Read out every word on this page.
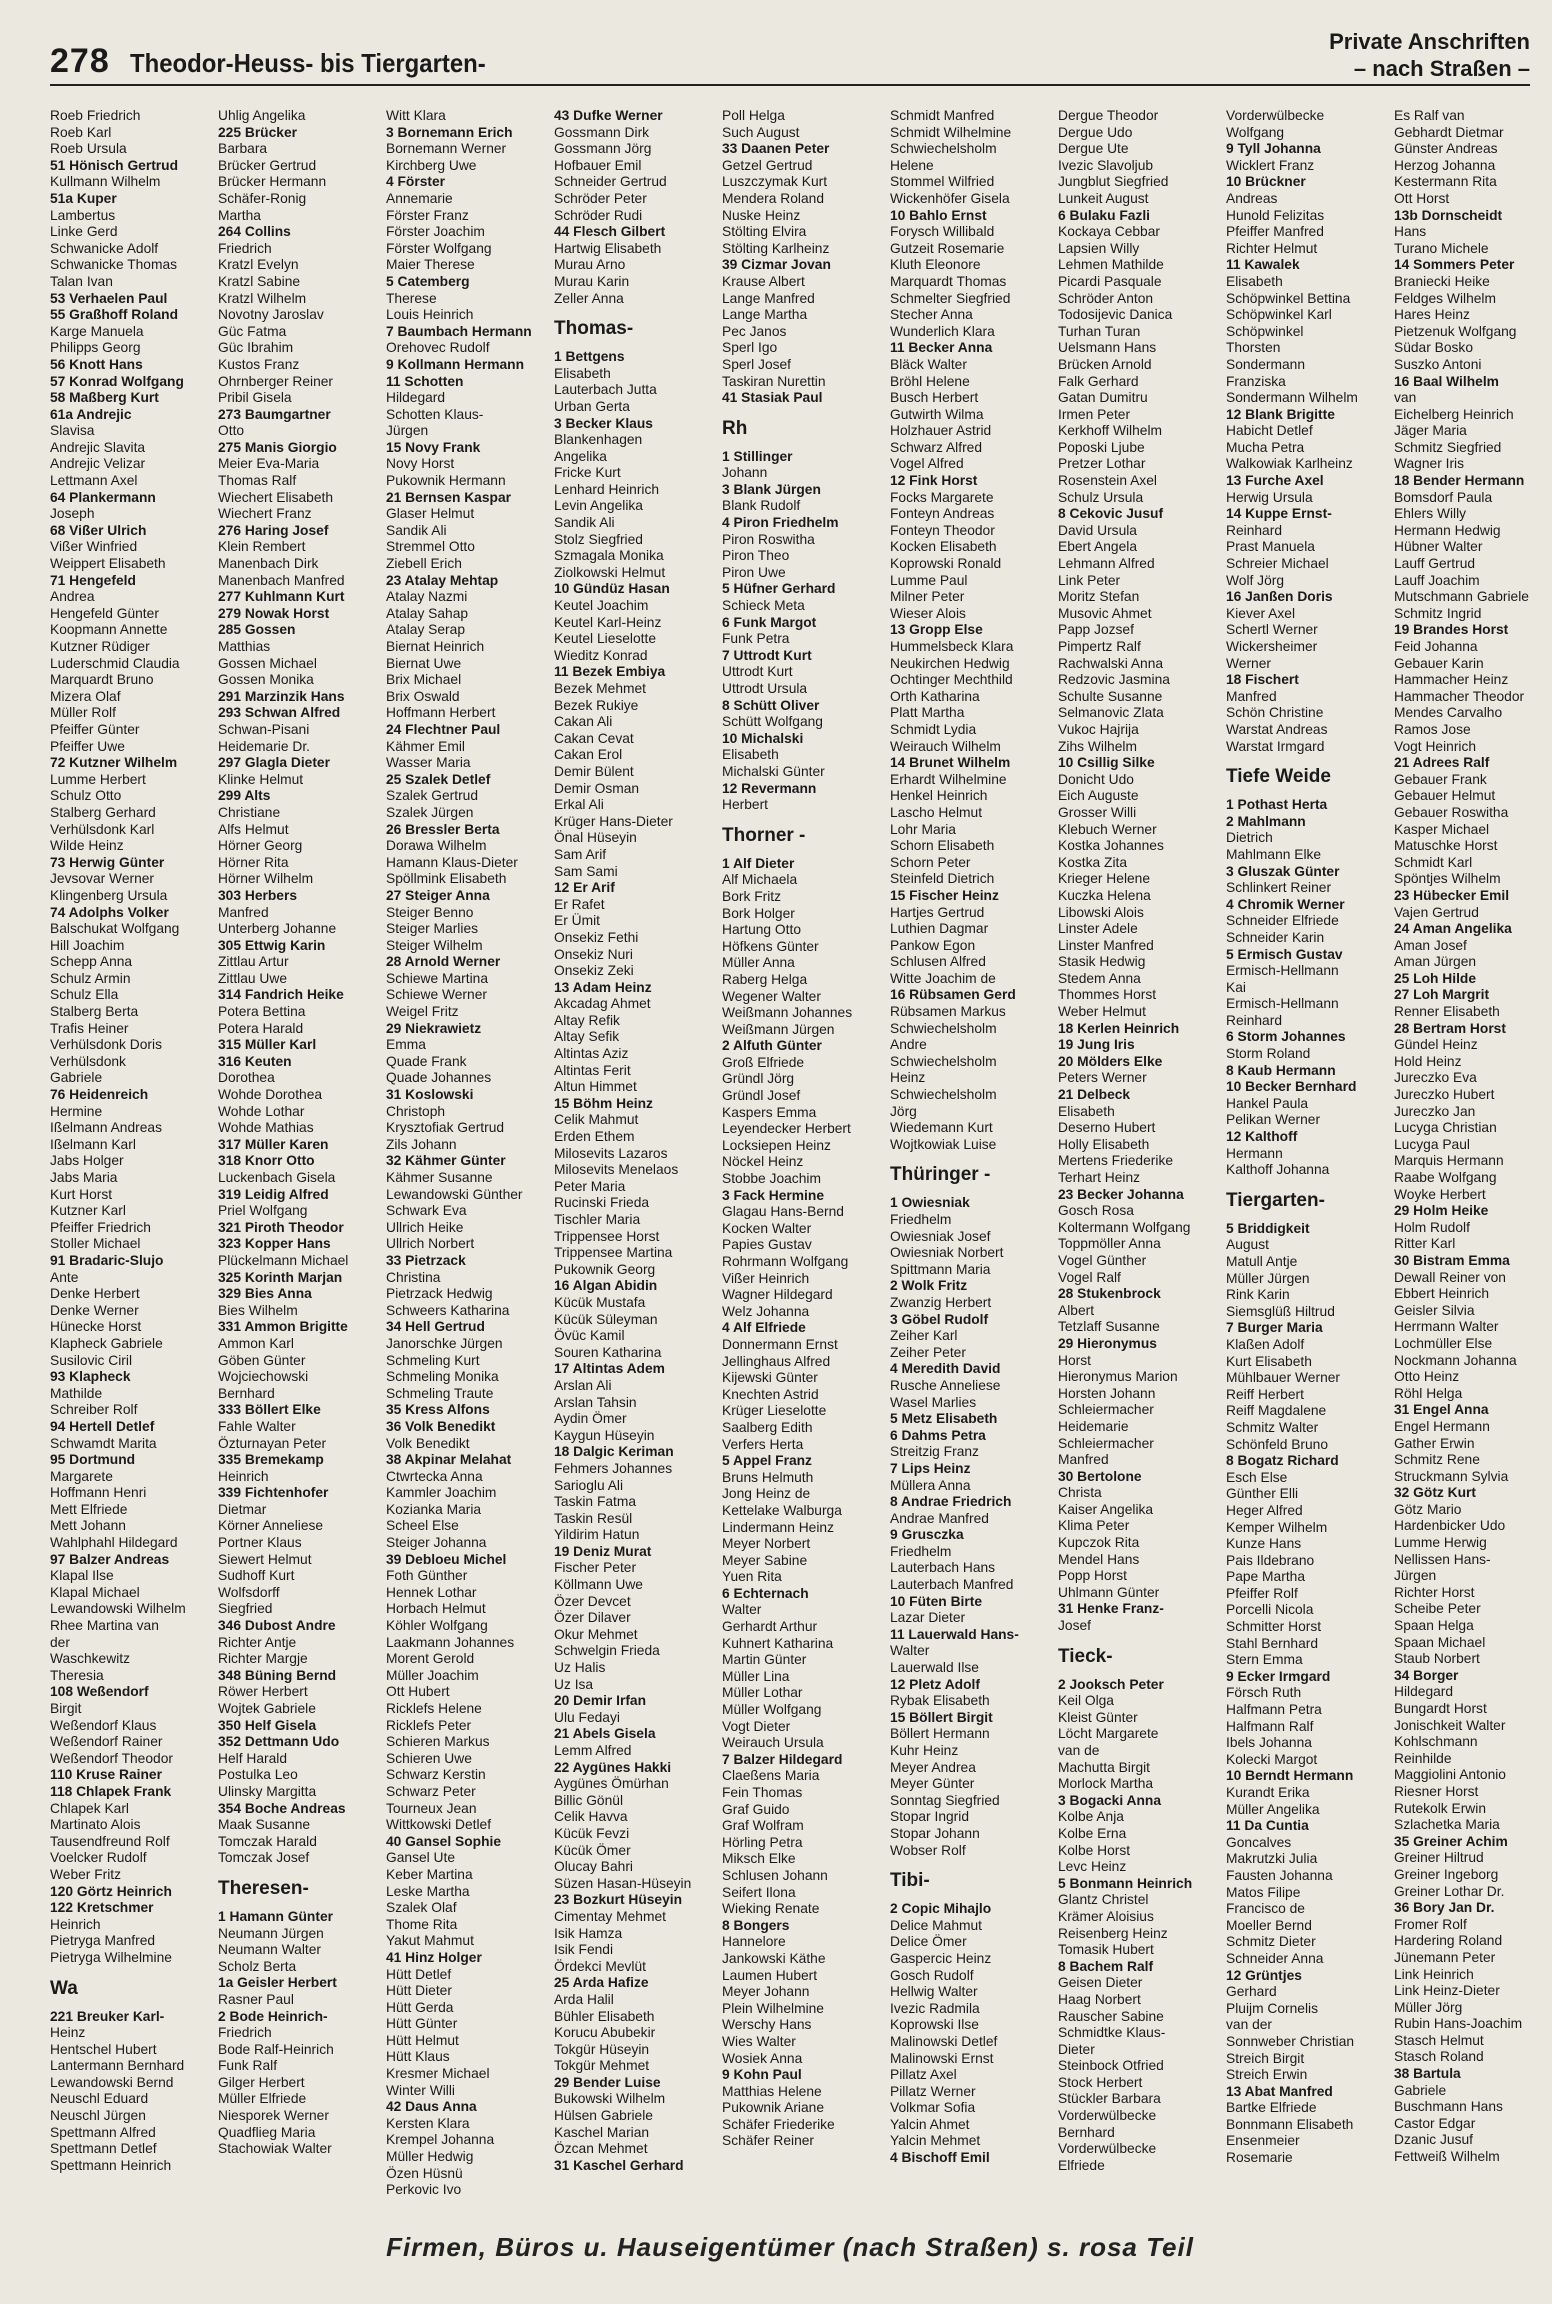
278 Theodor-Heuss- bis Tiergarten-
Private Anschriften
– nach Straßen –
Roeb Friedrich
Roeb Karl
Roeb Ursula
51 Hönisch Gertrud
Kullmann Wilhelm
51a Kuper
Lambertus
Linke Gerd
Schwanicke Adolf
Schwanicke Thomas
Talan Ivan
53 Verhaelen Paul
55 Graßhoff Roland
Karge Manuela
Philipps Georg
56 Knott Hans
57 Konrad Wolfgang
58 Maßberg Kurt
61a Andrejic
Slavisa
Andrejic Slavita
Andrejic Velizar
Lettmann Axel
64 Plankermann
Joseph
68 Vißer Ulrich
Vißer Winfried
Weippert Elisabeth
71 Hengefeld
Andrea
Hengefeld Günter
Koopmann Annette
Kutzner Rüdiger
Luderschmid Claudia
Marquardt Bruno
Mizera Olaf
Müller Rolf
Pfeiffer Günter
Pfeiffer Uwe
72 Kutzner Wilhelm
Lumme Herbert
Schulz Otto
Stalberg Gerhard
Verhülsdonk Karl
Wilde Heinz
73 Herwig Günter
Jevsovar Werner
Klingenberg Ursula
74 Adolphs Volker
Balschukat Wolfgang
Hill Joachim
Schepp Anna
Schulz Armin
Schulz Ella
Stalberg Berta
Trafis Heiner
Verhülsdonk Doris
Verhülsdonk
Gabriele
76 Heidenreich
Hermine
Ißelmann Andreas
Ißelmann Karl
Jabs Holger
Jabs Maria
Kurt Horst
Kutzner Karl
Pfeiffer Friedrich
Stoller Michael
91 Bradaric-Slujo
Ante
Denke Herbert
Denke Werner
Hünecke Horst
Klapheck Gabriele
Susilovic Ciril
93 Klapheck
Mathilde
Schreiber Rolf
94 Hertell Detlef
Schwamdt Marita
95 Dortmund
Margarete
Hoffmann Henri
Mett Elfriede
Mett Johann
Wahlphahl Hildegard
97 Balzer Andreas
Klapal Ilse
Klapal Michael
Lewandowski Wilhelm
Rhee Martina van
der
Waschkewitz
Theresia
108 Weßendorf
Birgit
Weßendorf Klaus
Weßendorf Rainer
Weßendorf Theodor
110 Kruse Rainer
118 Chlapek Frank
Chlapek Karl
Martinato Alois
Tausendfreund Rolf
Voelcker Rudolf
Weber Fritz
120 Görtz Heinrich
122 Kretschmer
Heinrich
Pietryga Manfred
Pietryga Wilhelmine
Wa
221 Breuker Karl-
Heinz
Hentschel Hubert
Lantermann Bernhard
Lewandowski Bernd
Neuschl Eduard
Neuschl Jürgen
Spettmann Alfred
Spettmann Detlef
Spettmann Heinrich
Uhlig Angelika
225 Brücker
Barbara
Brücker Gertrud
Brücker Hermann
Schäfer-Ronig
Martha
264 Collins
Friedrich
Kratzl Evelyn
Kratzl Sabine
Kratzl Wilhelm
Novotny Jaroslav
Güc Fatma
Güc Ibrahim
Kustos Franz
Ohrnberger Reiner
Pribil Gisela
273 Baumgartner
Otto
275 Manis Giorgio
Meier Eva-Maria
Thomas Ralf
Wiechert Elisabeth
Wiechert Franz
276 Haring Josef
Klein Rembert
Manenbach Dirk
Manenbach Manfred
277 Kuhlmann Kurt
279 Nowak Horst
285 Gossen
Matthias
Gossen Michael
Gossen Monika
291 Marzinzik Hans
293 Schwan Alfred
Schwan-Pisani
Heidemarie Dr.
297 Glagla Dieter
Klinke Helmut
299 Alts
Christiane
Alfs Helmut
Hörner Georg
Hörner Rita
Hörner Wilhelm
303 Herbers
Manfred
Unterberg Johanne
305 Ettwig Karin
Zittlau Artur
Zittlau Uwe
314 Fandrich Heike
Potera Bettina
Potera Harald
315 Müller Karl
316 Keuten
Dorothea
Wohde Dorothea
Wohde Lothar
Wohde Mathias
317 Müller Karen
318 Knorr Otto
Luckenbach Gisela
319 Leidig Alfred
Priel Wolfgang
321 Piroth Theodor
323 Kopper Hans
Plückelmann Michael
325 Korinth Marjan
329 Bies Anna
Bies Wilhelm
331 Ammon Brigitte
Ammon Karl
Göben Günter
Wojciechowski
Bernhard
333 Böllert Elke
Fahle Walter
Özturnayan Peter
335 Bremekamp
Heinrich
339 Fichtenhofer
Dietmar
Körner Anneliese
Portner Klaus
Siewert Helmut
Sudhoff Kurt
Wolfsdorff
Siegfried
346 Dubost Andre
Richter Antje
Richter Margje
348 Büning Bernd
Röwer Herbert
Wojtek Gabriele
350 Helf Gisela
352 Dettmann Udo
Helf Harald
Postulka Leo
Ulinsky Margitta
354 Boche Andreas
Maak Susanne
Tomczak Harald
Tomczak Josef
Theresen-
1 Hamann Günter
Neumann Jürgen
Neumann Walter
Scholz Berta
1a Geisler Herbert
Rasner Paul
2 Bode Heinrich-
Friedrich
Bode Ralf-Heinrich
Funk Ralf
Gilger Herbert
Müller Elfriede
Niesporek Werner
Quadflieg Maria
Stachowiak Walter
Witt Klara
3 Bornemann Erich
Bornemann Werner
Kirchberg Uwe
4 Förster
Annemarie
Förster Franz
Förster Joachim
Förster Wolfgang
Maier Therese
5 Catemberg
Therese
Louis Heinrich
7 Baumbach Hermann
Orehovec Rudolf
9 Kollmann Hermann
11 Schotten
Hildegard
Schotten Klaus-
Jürgen
15 Novy Frank
Novy Horst
Pukownik Hermann
21 Bernsen Kaspar
Glaser Helmut
Sandik Ali
Stremmel Otto
Ziebell Erich
23 Atalay Mehtap
Atalay Nazmi
Atalay Sahap
Atalay Serap
Biernat Heinrich
Biernat Uwe
Brix Michael
Brix Oswald
Hoffmann Herbert
24 Flechtner Paul
Kähmer Emil
Wasser Maria
25 Szalek Detlef
Szalek Gertrud
Szalek Jürgen
26 Bressler Berta
Dorawa Wilhelm
Hamann Klaus-Dieter
Spöllmink Elisabeth
27 Steiger Anna
Steiger Benno
Steiger Marlies
Steiger Wilhelm
28 Arnold Werner
Schiewe Martina
Schiewe Werner
Weigel Fritz
29 Niekrawietz
Emma
Quade Frank
Quade Johannes
31 Koslowski
Christoph
Krysztofiak Gertrud
Zils Johann
32 Kähmer Günter
Kähmer Susanne
Lewandowski Günther
Schwark Eva
Ullrich Heike
Ullrich Norbert
33 Pietrzack
Christina
Pietrzack Hedwig
Schweers Katharina
34 Hell Gertrud
Janorschke Jürgen
Schmeling Kurt
Schmeling Monika
Schmeling Traute
35 Kress Alfons
36 Volk Benedikt
Volk Benedikt
38 Akpinar Melahat
Ctwrtecka Anna
Kammler Joachim
Kozianka Maria
Scheel Else
Steiger Johanna
39 Debloeu Michel
Foth Günther
Hennek Lothar
Horbach Helmut
Köhler Wolfgang
Laakmann Johannes
Morent Gerold
Müller Joachim
Ott Hubert
Ricklefs Helene
Ricklefs Peter
Schieren Markus
Schieren Uwe
Schwarz Kerstin
Schwarz Peter
Tourneux Jean
Wittkowski Detlef
40 Gansel Sophie
Gansel Ute
Keber Martina
Leske Martha
Szalek Olaf
Thome Rita
Yakut Mahmut
41 Hinz Holger
Hütt Detlef
Hütt Dieter
Hütt Gerda
Hütt Günter
Hütt Helmut
Hütt Klaus
Kresmer Michael
Winter Willi
42 Daus Anna
Kersten Klara
Krempel Johanna
Müller Hedwig
Özen Hüsnü
Perkovic Ivo
43 Dufke Werner
Gossmann Dirk
Gossmann Jörg
Hofbauer Emil
Schneider Gertrud
Schröder Peter
Schröder Rudi
44 Flesch Gilbert
Hartwig Elisabeth
Murau Arno
Murau Karin
Zeller Anna
Thomas-
1 Bettgens
Elisabeth
Lauterbach Jutta
Urban Gerta
3 Becker Klaus
Blankenhagen
Angelika
Fricke Kurt
Lenhard Heinrich
Levin Angelika
Sandik Ali
Stolz Siegfried
Szmagala Monika
Ziolkowski Helmut
10 Gündüz Hasan
Keutel Joachim
Keutel Karl-Heinz
Keutel Lieselotte
Wieditz Konrad
11 Bezek Embiya
Bezek Mehmet
Bezek Rukiye
Cakan Ali
Cakan Cevat
Cakan Erol
Demir Bülent
Demir Osman
Erkal Ali
Krüger Hans-Dieter
Önal Hüseyin
Sam Arif
Sam Sami
12 Er Arif
Er Rafet
Er Ümit
Onsekiz Fethi
Onsekiz Nuri
Onsekiz Zeki
13 Adam Heinz
Akcadag Ahmet
Altay Refik
Altay Sefik
Altintas Aziz
Altintas Ferit
Altun Himmet
15 Böhm Heinz
Celik Mahmut
Erden Ethem
Milosevits Lazaros
Milosevits Menelaos
Peter Maria
Rucinski Frieda
Tischler Maria
Trippensee Horst
Trippensee Martina
Pukownik Georg
16 Algan Abidin
Kücük Mustafa
Kücük Süleyman
Övüc Kamil
Souren Katharina
17 Altintas Adem
Arslan Ali
Arslan Tahsin
Aydin Ömer
Kaygun Hüseyin
18 Dalgic Keriman
Fehmers Johannes
Sarioglu Ali
Taskin Fatma
Taskin Resül
Yildirim Hatun
19 Deniz Murat
Fischer Peter
Köllmann Uwe
Özer Devcet
Özer Dilaver
Okur Mehmet
Schwelgin Frieda
Uz Halis
Uz Isa
20 Demir Irfan
Ulu Fedayi
21 Abels Gisela
Lemm Alfred
22 Aygünes Hakki
Aygünes Ömürhan
Billic Gönül
Celik Havva
Kücük Fevzi
Kücük Ömer
Olucay Bahri
Süzen Hasan-Hüseyin
23 Bozkurt Hüseyin
Cimentay Mehmet
Isik Hamza
Isik Fendi
Ördekci Mevlüt
25 Arda Hafize
Arda Halil
Bühler Elisabeth
Korucu Abubekir
Tokgür Hüseyin
Tokgür Mehmet
29 Bender Luise
Bukowski Wilhelm
Hülsen Gabriele
Kaschel Marian
Özcan Mehmet
31 Kaschel Gerhard
Poll Helga
Such August
33 Daanen Peter
Getzel Gertrud
Luszczymak Kurt
Mendera Roland
Nuske Heinz
Stölting Elvira
Stölting Karlheinz
39 Cizmar Jovan
Krause Albert
Lange Manfred
Lange Martha
Pec Janos
Sperl Igo
Sperl Josef
Taskiran Nurettin
41 Stasiak Paul
Rh
1 Stillinger
Johann
3 Blank Jürgen
Blank Rudolf
4 Piron Friedhelm
Piron Roswitha
Piron Theo
Piron Uwe
5 Hüfner Gerhard
Schieck Meta
6 Funk Margot
Funk Petra
7 Uttrodt Kurt
Uttrodt Kurt
Uttrodt Ursula
8 Schütt Oliver
Schütt Wolfgang
10 Michalski
Elisabeth
Michalski Günter
12 Revermann
Herbert
Thorner -
1 Alf Dieter
Alf Michaela
Bork Fritz
Bork Holger
Hartung Otto
Höfkens Günter
Müller Anna
Raberg Helga
Wegener Walter
Weißmann Johannes
Weißmann Jürgen
2 Alfuth Günter
Groß Elfriede
Gründl Jörg
Gründl Josef
Kaspers Emma
Leyendecker Herbert
Locksiepen Heinz
Nöckel Heinz
Stobbe Joachim
3 Fack Hermine
Glagau Hans-Bernd
Kocken Walter
Papies Gustav
Rohrmann Wolfgang
Vißer Heinrich
Wagner Hildegard
Welz Johanna
4 Alf Elfriede
Donnermann Ernst
Jellinghaus Alfred
Kijewski Günter
Knechten Astrid
Krüger Lieselotte
Saalberg Edith
Verfers Herta
5 Appel Franz
Bruns Helmuth
Jong Heinz de
Kettelake Walburga
Lindermann Heinz
Meyer Norbert
Meyer Sabine
Yuen Rita
6 Echternach
Walter
Gerhardt Arthur
Kuhnert Katharina
Martin Günter
Müller Lina
Müller Lothar
Müller Wolfgang
Vogt Dieter
Weirauch Ursula
7 Balzer Hildegard
Claeßens Maria
Fein Thomas
Graf Guido
Graf Wolfram
Hörling Petra
Miksch Elke
Schlusen Johann
Seifert Ilona
Wieking Renate
8 Bongers
Hannelore
Jankowski Käthe
Laumen Hubert
Meyer Johann
Plein Wilhelmine
Werschy Hans
Wies Walter
Wosiek Anna
9 Kohn Paul
Matthias Helene
Pukownik Ariane
Schäfer Friederike
Schäfer Reiner
Schmidt Manfred
Schmidt Wilhelmine
Schwiechelsholm
Helene
Stommel Wilfried
Wickenhöfer Gisela
10 Bahlo Ernst
Forysch Willibald
Gutzeit Rosemarie
Kluth Eleonore
Marquardt Thomas
Schmelter Siegfried
Stecher Anna
Wunderlich Klara
11 Becker Anna
Bläck Walter
Bröhl Helene
Busch Herbert
Gutwirth Wilma
Holzhauer Astrid
Schwarz Alfred
Vogel Alfred
12 Fink Horst
Focks Margarete
Fonteyn Andreas
Fonteyn Theodor
Kocken Elisabeth
Koprowski Ronald
Lumme Paul
Milner Peter
Wieser Alois
13 Gropp Else
Hummelsbeck Klara
Neukirchen Hedwig
Ochtinger Mechthild
Orth Katharina
Platt Martha
Schmidt Lydia
Weirauch Wilhelm
14 Brunet Wilhelm
Erhardt Wilhelmine
Henkel Heinrich
Lascho Helmut
Lohr Maria
Schorn Elisabeth
Schorn Peter
Steinfeld Dietrich
15 Fischer Heinz
Hartjes Gertrud
Luthien Dagmar
Pankow Egon
Schlusen Alfred
Witte Joachim de
16 Rübsamen Gerd
Rübsamen Markus
Schwiechelsholm
Andre
Schwiechelsholm
Heinz
Schwiechelsholm
Jörg
Wiedemann Kurt
Wojtkowiak Luise
Thüringer -
1 Owiesniak
Friedhelm
Owiesniak Josef
Owiesniak Norbert
Spittmann Maria
2 Wolk Fritz
Zwanzig Herbert
3 Göbel Rudolf
Zeiher Karl
Zeiher Peter
4 Meredith David
Rusche Anneliese
Wasel Marlies
5 Metz Elisabeth
6 Dahms Petra
Streitzig Franz
7 Lips Heinz
Müllera Anna
8 Andrae Friedrich
Andrae Manfred
9 Grusczka
Friedhelm
Lauterbach Hans
Lauterbach Manfred
10 Füten Birte
Lazar Dieter
11 Lauerwald Hans-
Walter
Lauerwald Ilse
12 Pletz Adolf
Rybak Elisabeth
15 Böllert Birgit
Böllert Hermann
Kuhr Heinz
Meyer Andrea
Meyer Günter
Sonntag Siegfried
Stopar Ingrid
Stopar Johann
Wobser Rolf
Tibi-
2 Copic Mihajlo
Delice Mahmut
Delice Ömer
Gaspercic Heinz
Gosch Rudolf
Hellwig Walter
Ivezic Radmila
Koprowski Ilse
Malinowski Detlef
Malinowski Ernst
Pillatz Axel
Pillatz Werner
Volkmar Sofia
Yalcin Ahmet
Yalcin Mehmet
4 Bischoff Emil
Dergue Theodor
Dergue Udo
Dergue Ute
Ivezic Slavoljub
Jungblut Siegfried
Lunkeit August
6 Bulaku Fazli
Kockaya Cebbar
Lapsien Willy
Lehmen Mathilde
Picardi Pasquale
Schröder Anton
Todosijevic Danica
Turhan Turan
Uelsmann Hans
Brücken Arnold
Falk Gerhard
Gatan Dumitru
Irmen Peter
Kerkhoff Wilhelm
Poposki Ljube
Pretzer Lothar
Rosenstein Axel
Schulz Ursula
8 Cekovic Jusuf
David Ursula
Ebert Angela
Lehmann Alfred
Link Peter
Moritz Stefan
Musovic Ahmet
Papp Jozsef
Pimpertz Ralf
Rachwalski Anna
Redzovic Jasmina
Schulte Susanne
Selmanovic Zlata
Vukoc Hajrija
Zihs Wilhelm
10 Csillig Silke
Donicht Udo
Eich Auguste
Grosser Willi
Klebuch Werner
Kostka Johannes
Kostka Zita
Krieger Helene
Kuczka Helena
Libowski Alois
Linster Adele
Linster Manfred
Stasik Hedwig
Stedem Anna
Thommes Horst
Weber Helmut
18 Kerlen Heinrich
19 Jung Iris
20 Mölders Elke
Peters Werner
21 Delbeck
Elisabeth
Deserno Hubert
Holly Elisabeth
Mertens Friederike
Terhart Heinz
23 Becker Johanna
Gosch Rosa
Koltermann Wolfgang
Toppmöller Anna
Vogel Günther
Vogel Ralf
28 Stukenbrock
Albert
Tetzlaff Susanne
29 Hieronymus
Horst
Hieronymus Marion
Horsten Johann
Schleiermacher
Heidemarie
Schleiermacher
Manfred
30 Bertolone
Christa
Kaiser Angelika
Klima Peter
Kupczok Rita
Mendel Hans
Popp Horst
Uhlmann Günter
31 Henke Franz-
Josef
Tieck-
2 Jooksch Peter
Keil Olga
Kleist Günter
Löcht Margarete
van de
Machutta Birgit
Morlock Martha
3 Bogacki Anna
Kolbe Anja
Kolbe Erna
Kolbe Horst
Levc Heinz
5 Bonmann Heinrich
Glantz Christel
Krämer Aloisius
Reisenberg Heinz
Tomasik Hubert
8 Bachem Ralf
Geisen Dieter
Haag Norbert
Rauscher Sabine
Schmidtke Klaus-
Dieter
Steinbock Otfried
Stock Herbert
Stückler Barbara
Vorderwülbecke
Bernhard
Vorderwülbecke
Elfriede
Vorderwülbecke
Wolfgang
9 Tyll Johanna
Wicklert Franz
10 Brückner
Andreas
Hunold Felizitas
Pfeiffer Manfred
Richter Helmut
11 Kawalek
Elisabeth
Schöpwinkel Bettina
Schöpwinkel Karl
Schöpwinkel
Thorsten
Sondermann
Franziska
Sondermann Wilhelm
12 Blank Brigitte
Habicht Detlef
Mucha Petra
Walkowiak Karlheinz
13 Furche Axel
Herwig Ursula
14 Kuppe Ernst-
Reinhard
Prast Manuela
Schreier Michael
Wolf Jörg
16 Janßen Doris
Kiever Axel
Schertl Werner
Wickersheimer
Werner
18 Fischert
Manfred
Schön Christine
Warstat Andreas
Warstat Irmgard
Tiefe Weide
1 Pothast Herta
2 Mahlmann
Dietrich
Mahlmann Elke
3 Gluszak Günter
Schlinkert Reiner
4 Chromik Werner
Schneider Elfriede
Schneider Karin
5 Ermisch Gustav
Ermisch-Hellmann
Kai
Ermisch-Hellmann
Reinhard
6 Storm Johannes
Storm Roland
8 Kaub Hermann
10 Becker Bernhard
Hankel Paula
Pelikan Werner
12 Kalthoff
Hermann
Kalthoff Johanna
Tiergarten-
5 Briddigkeit
August
Matull Antje
Müller Jürgen
Rink Karin
Siemsglüß Hiltrud
7 Burger Maria
Klaßen Adolf
Kurt Elisabeth
Mühlbauer Werner
Reiff Herbert
Reiff Magdalene
Schmitz Walter
Schönfeld Bruno
8 Bogatz Richard
Esch Else
Günther Elli
Heger Alfred
Kemper Wilhelm
Kunze Hans
Pais Ildebrano
Pape Martha
Pfeiffer Rolf
Porcelli Nicola
Schmitter Horst
Stahl Bernhard
Stern Emma
9 Ecker Irmgard
Försch Ruth
Halfmann Petra
Halfmann Ralf
Ibels Johanna
Kolecki Margot
10 Berndt Hermann
Kurandt Erika
Müller Angelika
11 Da Cuntia
Goncalves
Makrutzki Julia
Fausten Johanna
Matos Filipe
Francisco de
Moeller Bernd
Schmitz Dieter
Schneider Anna
12 Grüntjes
Gerhard
Pluijm Cornelis
van der
Sonnweber Christian
Streich Birgit
Streich Erwin
13 Abat Manfred
Bartke Elfriede
Bonnmann Elisabeth
Ensenmeier
Rosemarie
Es Ralf van
Gebhardt Dietmar
Günster Andreas
Herzog Johanna
Kestermann Rita
Ott Horst
13b Dornscheidt
Hans
Turano Michele
14 Sommers Peter
Braniecki Heike
Feldges Wilhelm
Hares Heinz
Pietzenuk Wolfgang
Südar Bosko
Suszko Antoni
16 Baal Wilhelm
van
Eichelberg Heinrich
Jäger Maria
Schmitz Siegfried
Wagner Iris
18 Bender Hermann
Bomsdorf Paula
Ehlers Willy
Hermann Hedwig
Hübner Walter
Lauff Gertrud
Lauff Joachim
Mutschmann Gabriele
Schmitz Ingrid
19 Brandes Horst
Feid Johanna
Gebauer Karin
Hammacher Heinz
Hammacher Theodor
Mendes Carvalho
Ramos Jose
Vogt Heinrich
21 Adrees Ralf
Gebauer Frank
Gebauer Helmut
Gebauer Roswitha
Kasper Michael
Matuschke Horst
Schmidt Karl
Spöntjes Wilhelm
23 Hübecker Emil
Vajen Gertrud
24 Aman Angelika
Aman Josef
Aman Jürgen
25 Loh Hilde
27 Loh Margrit
Renner Elisabeth
28 Bertram Horst
Gündel Heinz
Hold Heinz
Jureczko Eva
Jureczko Hubert
Jureczko Jan
Lucyga Christian
Lucyga Paul
Marquis Hermann
Raabe Wolfgang
Woyke Herbert
29 Holm Heike
Holm Rudolf
Ritter Karl
30 Bistram Emma
Dewall Reiner von
Ebbert Heinrich
Geisler Silvia
Herrmann Walter
Lochmüller Else
Nockmann Johanna
Otto Heinz
Röhl Helga
31 Engel Anna
Engel Hermann
Gather Erwin
Schmitz Rene
Struckmann Sylvia
32 Götz Kurt
Götz Mario
Hardenbicker Udo
Lumme Herwig
Nellissen Hans-
Jürgen
Richter Horst
Scheibe Peter
Spaan Helga
Spaan Michael
Staub Norbert
34 Borger
Hildegard
Bungardt Horst
Jonischkeit Walter
Kohlschmann
Reinhilde
Maggiolini Antonio
Riesner Horst
Rutekolk Erwin
Szlachetka Maria
35 Greiner Achim
Greiner Hiltrud
Greiner Ingeborg
Greiner Lothar Dr.
36 Bory Jan Dr.
Fromer Rolf
Hardering Roland
Jünemann Peter
Link Heinrich
Link Heinz-Dieter
Müller Jörg
Rubin Hans-Joachim
Stasch Helmut
Stasch Roland
38 Bartula
Gabriele
Buschmann Hans
Castor Edgar
Dzanic Jusuf
Fettweiß Wilhelm
Firmen, Büros u. Hauseigentümer (nach Straßen) s. rosa Teil
